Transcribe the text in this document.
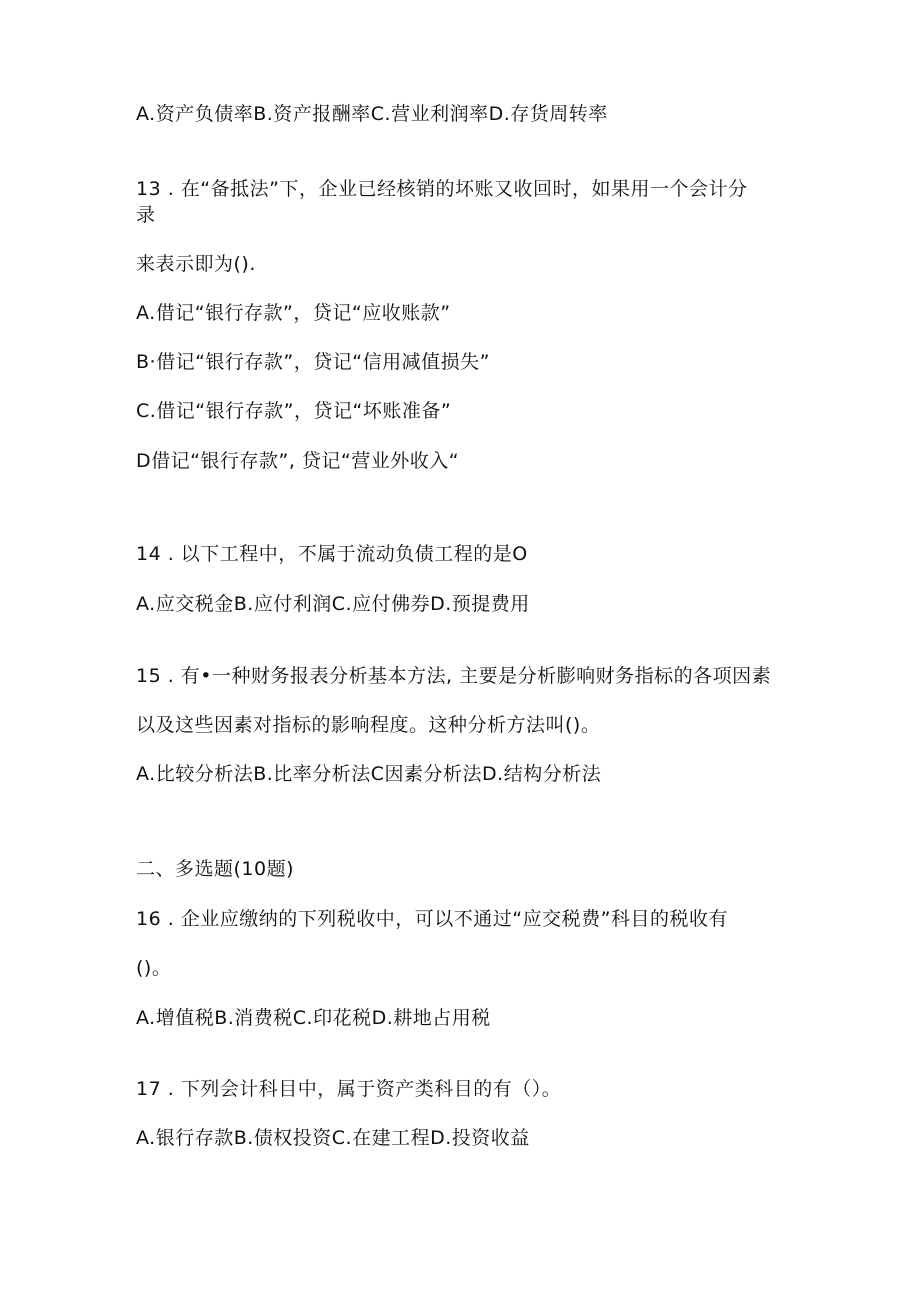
A.资产负债率B.资产报酬率C.营业利润率D.存货周转率
13 . 在“备抵法”下，企业已经核销的坏账又收回时，如果用一个会计分
录
来表示即为().
A.借记“银行存款”，贷记“应收账款”
B·借记“银行存款”，贷记“信用减值损失”
C.借记“银行存款”，贷记“坏账准备”
D借记“银行存款”, 贷记“营业外收入“
14 . 以下工程中，不属于流动负债工程的是O
A.应交税金B.应付利润C.应付佛券D.预提费用
15 . 有•一种财务报表分析基本方法, 主要是分析膨响财务指标的各项因素
以及这些因素对指标的影响程度。这种分析方法叫()。
A.比较分析法B.比率分析法C因素分析法D.结构分析法
二、多选题(10题)
16 . 企业应缴纳的下列税收中，可以不通过“应交税费”科目的税收有
()。
A.增值税B.消费税C.印花税D.耕地占用税
17 . 下列会计科目中，属于资产类科目的有（）。
A.银行存款B.债权投资C.在建工程D.投资收益
